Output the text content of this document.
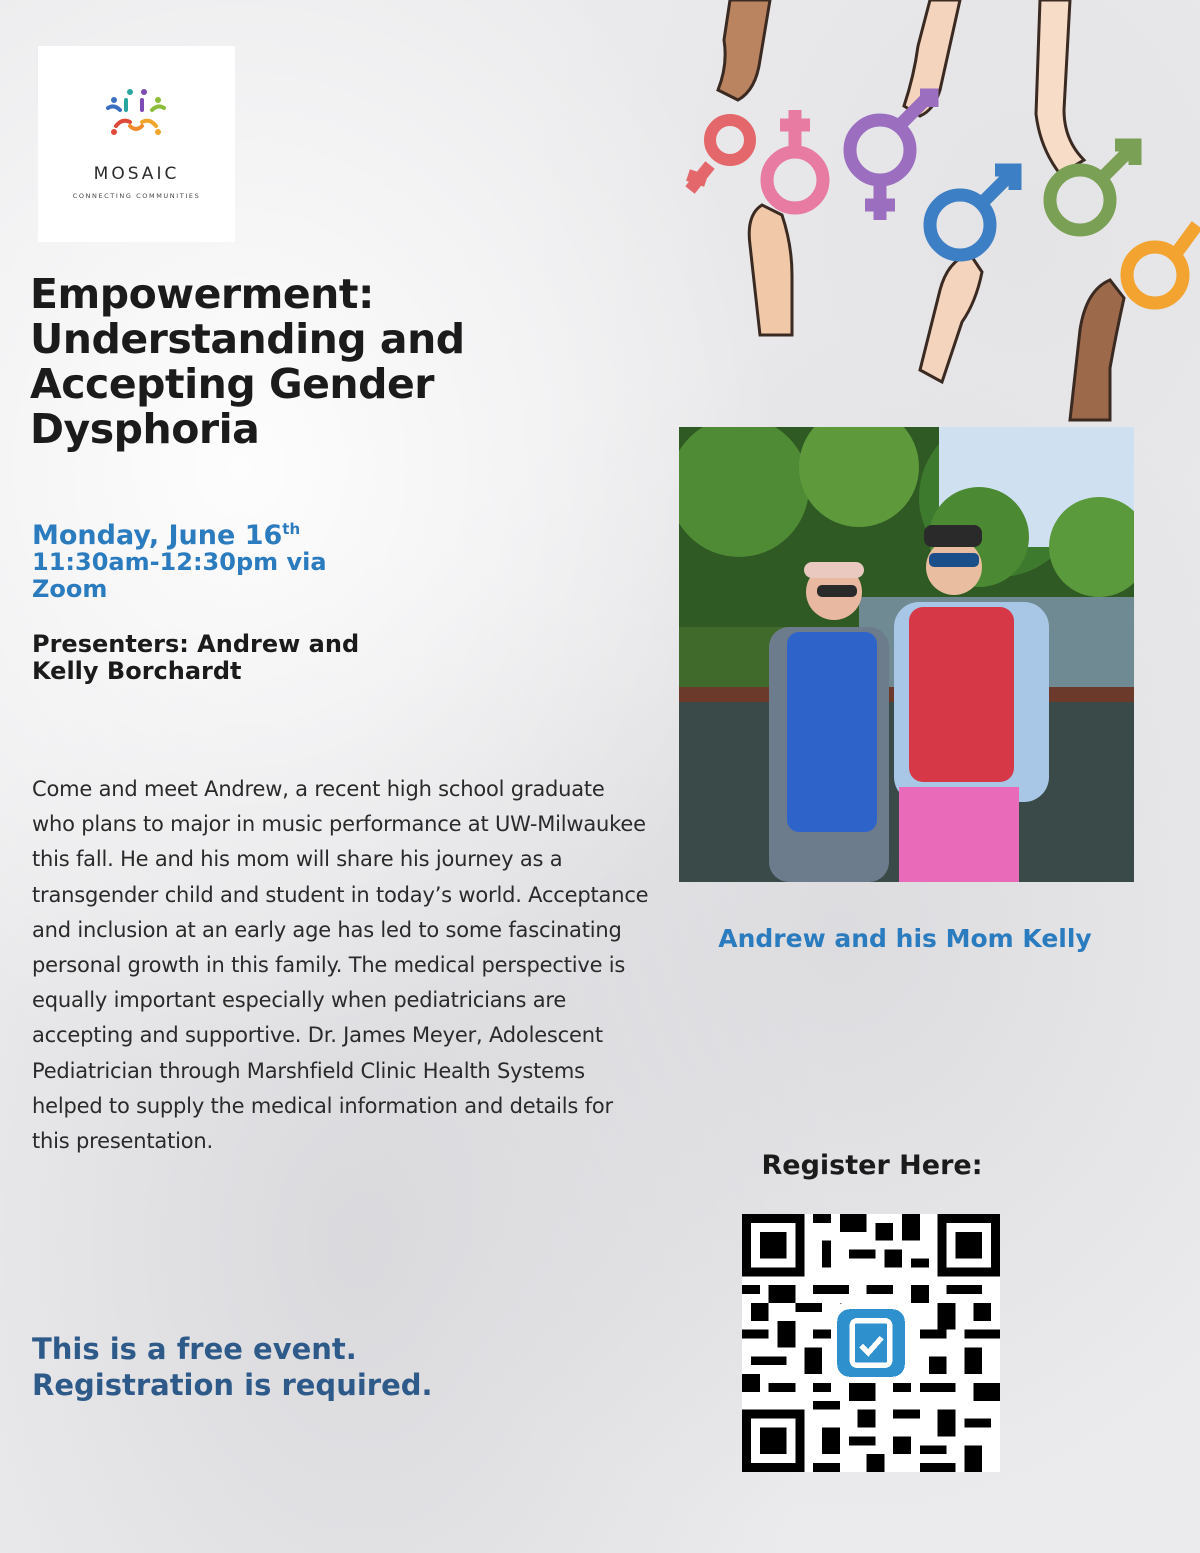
MOSAIC
CONNECTING COMMUNITIES
Empowerment: Understanding and Accepting Gender Dysphoria
Monday, June 16th
11:30am-12:30pm via Zoom
Presenters: Andrew and Kelly Borchardt
Come and meet Andrew, a recent high school graduate who plans to major in music performance at UW-Milwaukee this fall. He and his mom will share his journey as a transgender child and student in today’s world. Acceptance and inclusion at an early age has led to some fascinating personal growth in this family. The medical perspective is equally important especially when pediatricians are accepting and supportive. Dr. James Meyer, Adolescent Pediatrician through Marshfield Clinic Health Systems helped to supply the medical information and details for this presentation.
This is a free event.
Registration is required.
Andrew and his Mom Kelly
Register Here:
